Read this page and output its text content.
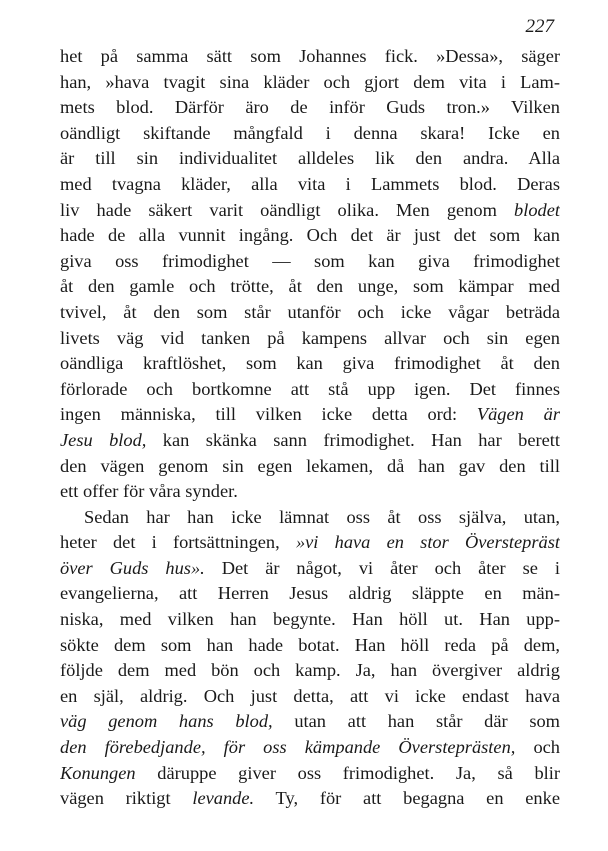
227
het på samma sätt som Johannes fick. »Dessa», säger
han, »hava tvagit sina kläder och gjort dem vita i Lam-
mets blod. Därför äro de inför Guds tron.» Vilken
oändligt skiftande mångfald i denna skara! Icke en
är till sin individualitet alldeles lik den andra. Alla
med tvagna kläder, alla vita i Lammets blod. Deras
liv hade säkert varit oändligt olika. Men genom blodet
hade de alla vunnit ingång. Och det är just det som kan
giva oss frimodighet — som kan giva frimodighet
åt den gamle och trötte, åt den unge, som kämpar med
tvivel, åt den som står utanför och icke vågar beträda
livets väg vid tanken på kampens allvar och sin egen
oändliga kraftlöshet, som kan giva frimodighet åt den
förlorade och bortkomne att stå upp igen. Det finnes
ingen människa, till vilken icke detta ord: Vägen är
Jesu blod, kan skänka sann frimodighet. Han har berett
den vägen genom sin egen lekamen, då han gav den till
ett offer för våra synder.
Sedan har han icke lämnat oss åt oss själva, utan,
heter det i fortsättningen, »vi hava en stor Överstepräst
över Guds hus». Det är något, vi åter och åter se i
evangelierna, att Herren Jesus aldrig släppte en män-
niska, med vilken han begynte. Han höll ut. Han upp-
sökte dem som han hade botat. Han höll reda på dem,
följde dem med bön och kamp. Ja, han övergiver aldrig
en själ, aldrig. Och just detta, att vi icke endast hava
väg genom hans blod, utan att han står där som
den förebedjande, för oss kämpande Översteprästen, och
Konungen däruppe giver oss frimodighet. Ja, så blir
vägen riktigt levande. Ty, för att begagna en enke
